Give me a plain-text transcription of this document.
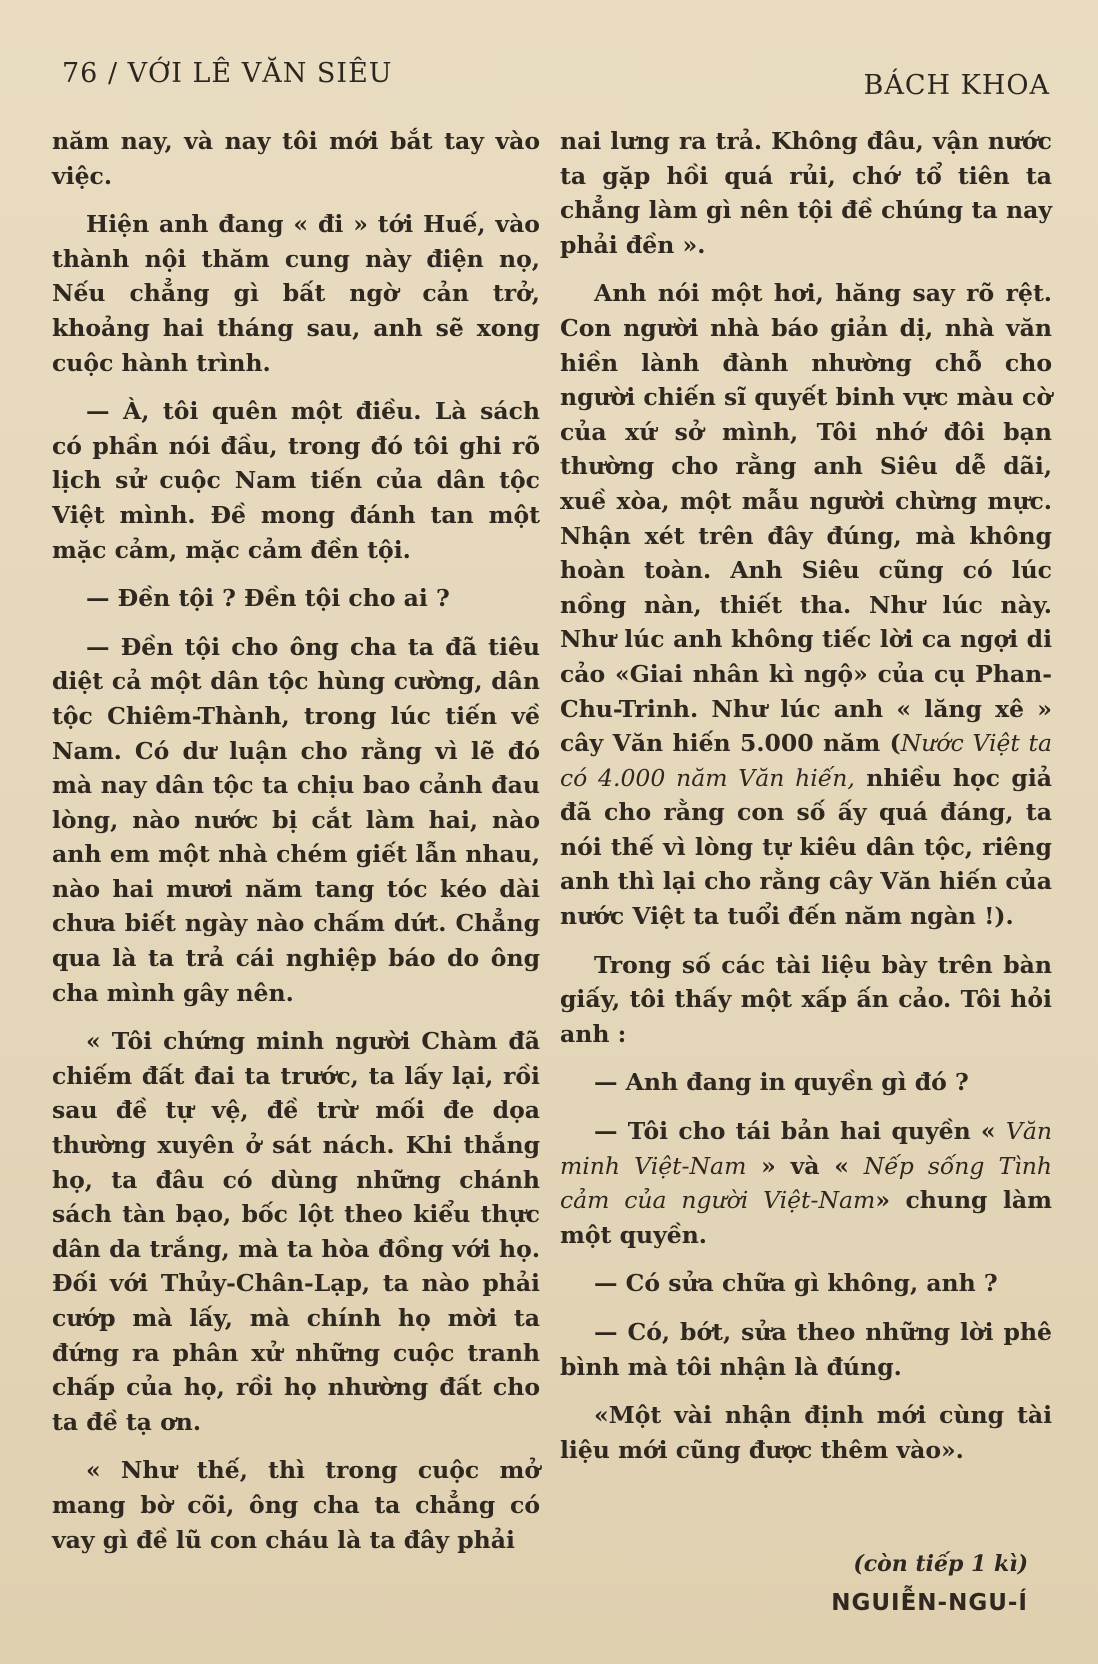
76 / VỚI LÊ VĂN SIÊU	BÁCH KHOA

năm nay, và nay tôi mới bắt tay vào việc.

Hiện anh đang « đi » tới Huế, vào thành nội thăm cung này điện nọ, Nếu chẳng gì bất ngờ cản trở, khoảng hai tháng sau, anh sẽ xong cuộc hành trình.

— À, tôi quên một điều. Là sách có phần nói đầu, trong đó tôi ghi rõ lịch sử cuộc Nam tiến của dân tộc Việt mình. Đề mong đánh tan một mặc cảm, mặc cảm đền tội.

— Đền tội ? Đền tội cho ai ?

— Đền tội cho ông cha ta đã tiêu diệt cả một dân tộc hùng cường, dân tộc Chiêm-Thành, trong lúc tiến về Nam. Có dư luận cho rằng vì lẽ đó mà nay dân tộc ta chịu bao cảnh đau lòng, nào nước bị cắt làm hai, nào anh em một nhà chém giết lẫn nhau, nào hai mươi năm tang tóc kéo dài chưa biết ngày nào chấm dứt. Chẳng qua là ta trả cái nghiệp báo do ông cha mình gây nên.

« Tôi chứng minh người Chàm đã chiếm đất đai ta trước, ta lấy lại, rồi sau đề tự vệ, đề trừ mối đe dọa thường xuyên ở sát nách. Khi thắng họ, ta đâu có dùng những chánh sách tàn bạo, bốc lột theo kiểu thực dân da trắng, mà ta hòa đồng với họ. Đối với Thủy-Chân-Lạp, ta nào phải cướp mà lấy, mà chính họ mời ta đứng ra phân xử những cuộc tranh chấp của họ, rồi họ nhường đất cho ta đề tạ ơn.

« Như thế, thì trong cuộc mở mang bờ cõi, ông cha ta chẳng có vay gì đề lũ con cháu là ta đây phải

nai lưng ra trả. Không đâu, vận nước ta gặp hồi quá rủi, chớ tổ tiên ta chẳng làm gì nên tội đề chúng ta nay phải đền ».

Anh nói một hơi, hăng say rõ rệt. Con người nhà báo giản dị, nhà văn hiền lành đành nhường chỗ cho người chiến sĩ quyết binh vực màu cờ của xứ sở mình, Tôi nhớ đôi bạn thường cho rằng anh Siêu dễ dãi, xuề xòa, một mẫu người chừng mực. Nhận xét trên đây đúng, mà không hoàn toàn. Anh Siêu cũng có lúc nồng nàn, thiết tha. Như lúc này. Như lúc anh không tiếc lời ca ngợi di cảo «Giai nhân kì ngộ» của cụ Phan-Chu-Trinh. Như lúc anh « lăng xê » cây Văn hiến 5.000 năm (Nước Việt ta có 4.000 năm Văn hiến, nhiều học giả đã cho rằng con số ấy quá đáng, ta nói thế vì lòng tự kiêu dân tộc, riêng anh thì lại cho rằng cây Văn hiến của nước Việt ta tuổi đến năm ngàn !).

Trong số các tài liệu bày trên bàn giấy, tôi thấy một xấp ấn cảo. Tôi hỏi anh :

— Anh đang in quyền gì đó ?

— Tôi cho tái bản hai quyền « Văn minh Việt-Nam » và « Nếp sống Tình cảm của người Việt-Nam» chung làm một quyền.

— Có sửa chữa gì không, anh ?

— Có, bớt, sửa theo những lời phê bình mà tôi nhận là đúng.

«Một vài nhận định mới cùng tài liệu mới cũng được thêm vào».

(còn tiếp 1 kì)
NGUIỄN-NGU-Í
